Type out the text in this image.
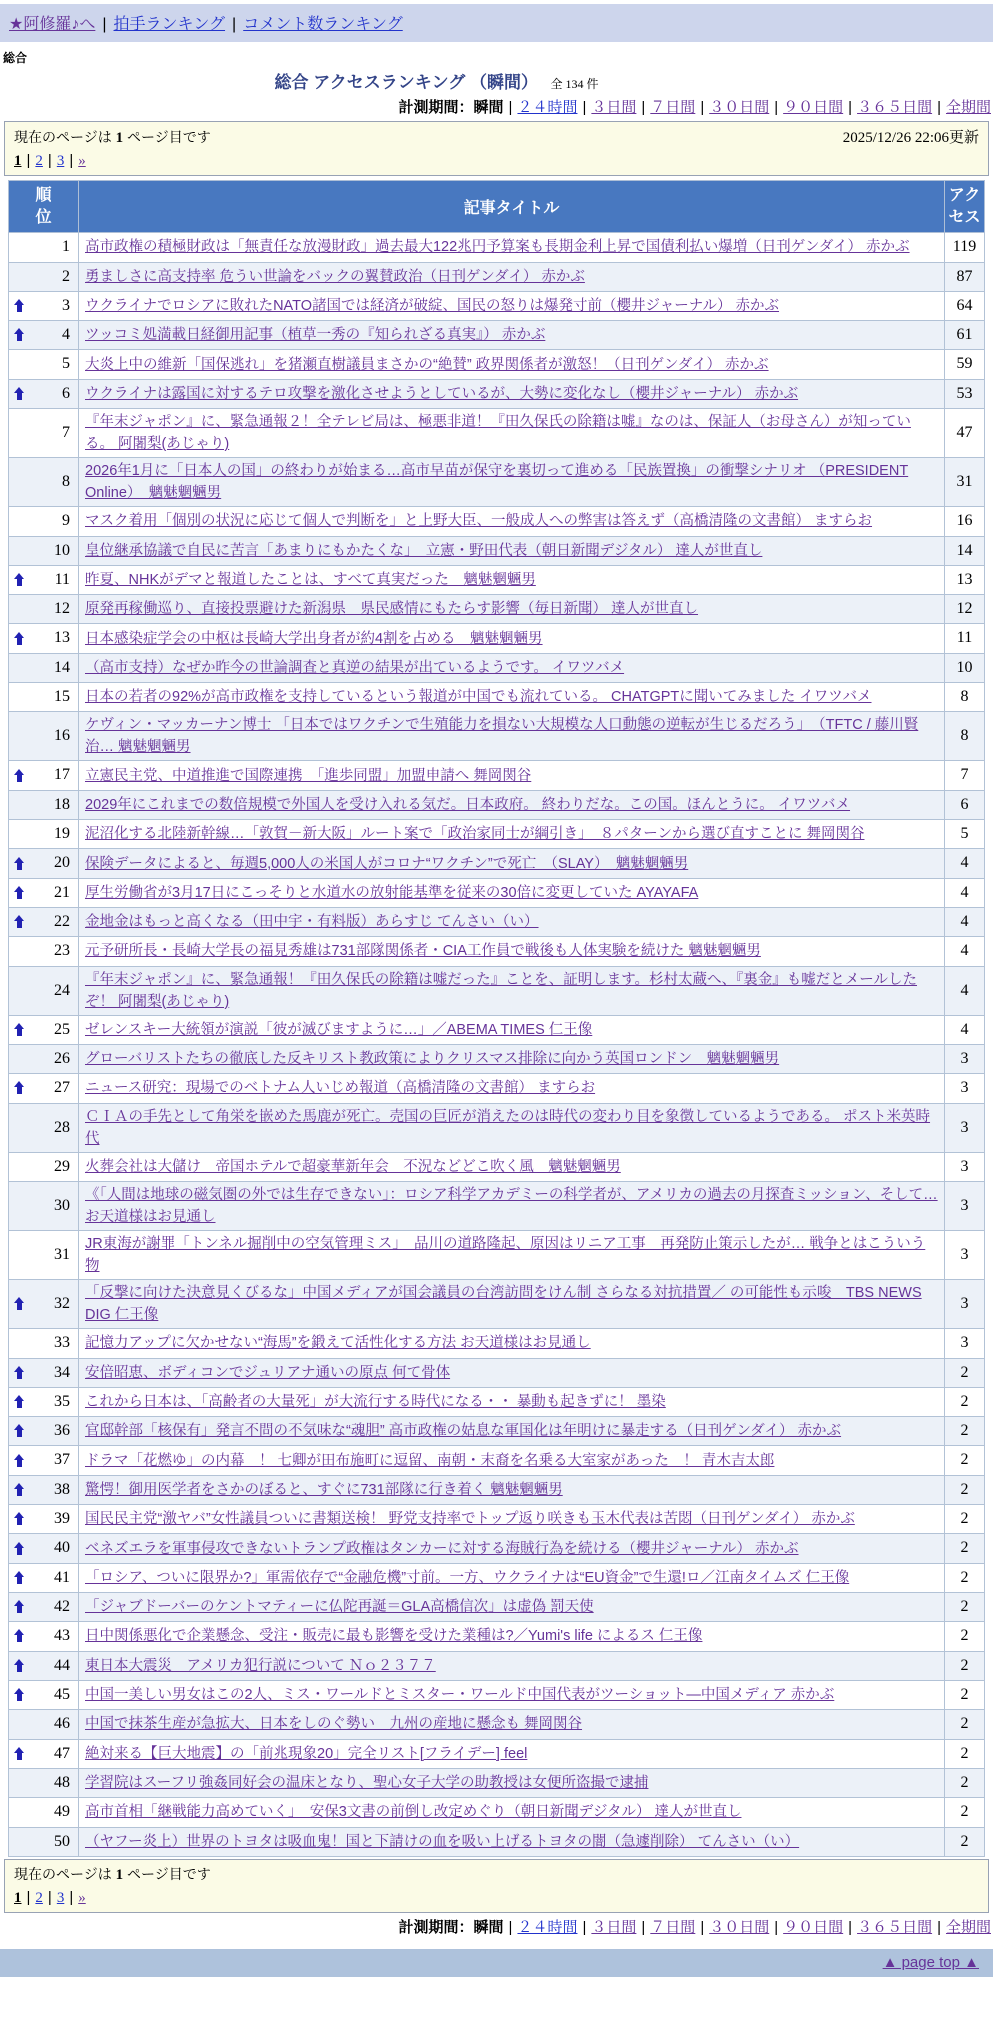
★阿修羅♪へ | 拍手ランキング | コメント数ランキング
総合
総合 アクセスランキング （瞬間） 全 134 件
計測期間：瞬間 | ２４時間 | ３日間 | ７日間 | ３０日間 | ９０日間 | ３６５日間 | 全期間
現在のページは 1 ページ目です	2025/12/26 22:06更新
1 | 2 | 3 | »
順位	記事タイトル	アクセス

1	高市政権の積極財政は「無責任な放漫財政」過去最大122兆円予算案も長期金利上昇で国債利払い爆増（日刊ゲンダイ） 赤かぶ	119

2	勇ましさに高支持率 危うい世論をバックの翼賛政治（日刊ゲンダイ） 赤かぶ	87

3	ウクライナでロシアに敗れたNATO諸国では経済が破綻、国民の怒りは爆発寸前（櫻井ジャーナル） 赤かぶ	64

4	ツッコミ処満載日経御用記事（植草一秀の『知られざる真実』） 赤かぶ	61

5	大炎上中の維新「国保逃れ」を猪瀬直樹議員まさかの“絶賛” 政界関係者が激怒！（日刊ゲンダイ） 赤かぶ	59

6	ウクライナは露国に対するテロ攻撃を激化させようとしているが、大勢に変化なし（櫻井ジャーナル） 赤かぶ	53

7	『年末ジャポン』に、緊急通報２！全テレビ局は、極悪非道！『田久保氏の除籍は嘘』なのは、保証人（お母さん）が知っている。 阿闍梨(あじゃり)	47

8	2026年1月に「日本人の国」の終わりが始まる…高市早苗が保守を裏切って進める「民族置換」の衝撃シナリオ （PRESIDENT Online）　魑魅魍魎男	31

9	マスク着用「個別の状況に応じて個人で判断を」と上野大臣、一般成人への弊害は答えず（高橋清隆の文書館） ますらお	16

10	皇位継承協議で自民に苦言「あまりにもかたくな」　立憲・野田代表（朝日新聞デジタル） 達人が世直し	14

11	昨夏、NHKがデマと報道したことは、すべて真実だった　魑魅魍魎男	13

12	原発再稼働巡り、直接投票避けた新潟県　県民感情にもたらす影響（毎日新聞） 達人が世直し	12

13	日本感染症学会の中枢は長崎大学出身者が約4割を占める　魑魅魍魎男	11

14	（高市支持）なぜか昨今の世論調査と真逆の結果が出ているようです。 イワツバメ	10

15	日本の若者の92%が高市政権を支持しているという報道が中国でも流れている。 CHATGPTに聞いてみました イワツバメ	8

16	ケヴィン・マッカーナン博士 「日本ではワクチンで生殖能力を損ない大規模な人口動態の逆転が生じるだろう」　（TFTC / 藤川賢治… 魑魅魍魎男	8

17	立憲民主党、中道推進で国際連携　「進歩同盟」加盟申請へ 舞岡関谷	7

18	2029年にこれまでの数倍規模で外国人を受け入れる気だ。日本政府。 終わりだな。この国。ほんとうに。 イワツバメ	6

19	泥沼化する北陸新幹線…「敦賀－新大阪」ルート案で「政治家同士が綱引き」　８パターンから選び直すことに 舞岡関谷	5

20	保険データによると、毎週5,000人の米国人がコロナ“ワクチン”で死亡　（SLAY）　魑魅魍魎男	4

21	厚生労働省が3月17日にこっそりと水道水の放射能基準を従来の30倍に変更していた AYAYAFA	4

22	金地金はもっと高くなる（田中宇・有料版）あらすじ てんさい（い）	4

23	元予研所長・長崎大学長の福見秀雄は731部隊関係者・CIA工作員で戦後も人体実験を続けた 魑魅魍魎男	4

24	『年末ジャポン』に、緊急通報！『田久保氏の除籍は嘘だった』ことを、証明します。杉村太蔵へ、『裏金』も嘘だとメールしたぞ！ 阿闍梨(あじゃり)	4

25	ゼレンスキー大統領が演説「彼が滅びますように…」／ABEMA TIMES 仁王像	4

26	グローバリストたちの徹底した反キリスト教政策によりクリスマス排除に向かう英国ロンドン　魑魅魍魎男	3

27	ニュース研究：現場でのベトナム人いじめ報道（高橋清隆の文書館） ますらお	3

28	ＣＩＡの手先として角栄を嵌めた馬鹿が死亡。売国の巨匠が消えたのは時代の変わり目を象徴しているようである。 ポスト米英時代	3

29	火葬会社は大儲け　帝国ホテルで超豪華新年会　不況などどこ吹く風　魑魅魍魎男	3

30	《「人間は地球の磁気圏の外では生存できない」：ロシア科学アカデミーの科学者が、アメリカの過去の月探査ミッション、そして… お天道様はお見通し	3

31	JR東海が謝罪「トンネル掘削中の空気管理ミス」　品川の道路隆起、原因はリニア工事　再発防止策示したが… 戦争とはこういう物	3

32	「反撃に向けた決意見くびるな」中国メディアが国会議員の台湾訪問をけん制 さらなる対抗措置／ の可能性も示唆　TBS NEWS DIG 仁王像	3

33	記憶力アップに欠かせない“海馬”を鍛えて活性化する方法 お天道様はお見通し	3

34	安倍昭恵、ボディコンでジュリアナ通いの原点 何て骨体	2

35	これから日本は、「高齢者の大量死」が大流行する時代になる・・ 暴動も起きずに！ 墨染	2

36	官邸幹部「核保有」発言不問の不気味な“魂胆” 高市政権の姑息な軍国化は年明けに暴走する（日刊ゲンダイ） 赤かぶ	2

37	ドラマ「花燃ゆ」の内幕　！ 七卿が田布施町に逗留、南朝・末裔を名乗る大室家があった　！ 青木吉太郎	2

38	驚愕！御用医学者をさかのぼると、すぐに731部隊に行き着く 魑魅魍魎男	2

39	国民民主党“激ヤバ”女性議員ついに書類送検！ 野党支持率でトップ返り咲きも玉木代表は苦悶（日刊ゲンダイ） 赤かぶ	2

40	ベネズエラを軍事侵攻できないトランプ政権はタンカーに対する海賊行為を続ける（櫻井ジャーナル） 赤かぶ	2

41	「ロシア、ついに限界か?」軍需依存で“金融危機”寸前。一方、ウクライナは“EU資金”で生還!ロ／江南タイムズ 仁王像	2

42	「ジャブドーバーのケントマティーに仏陀再誕＝GLA高橋信次」は虚偽 罰天使	2

43	日中関係悪化で企業懸念、受注・販売に最も影響を受けた業種は?／Yumi's life によるス 仁王像	2

44	東日本大震災＿アメリカ犯行説について Ｎｏ２３７７	2

45	中国一美しい男女はこの2人、ミス・ワールドとミスター・ワールド中国代表がツーショット―中国メディア 赤かぶ	2

46	中国で抹茶生産が急拡大、日本をしのぐ勢い　九州の産地に懸念も 舞岡関谷	2

47	絶対来る【巨大地震】の「前兆現象20」完全リスト[フライデー] feel	2

48	学習院はスーフリ強姦同好会の温床となり、聖心女子大学の助教授は女便所盗撮で逮捕	2

49	高市首相「継戦能力高めていく」　安保3文書の前倒し改定めぐり（朝日新聞デジタル） 達人が世直し	2

50	（ヤフー炎上）世界のトヨタは吸血鬼！国と下請けの血を吸い上げるトヨタの闇（急遽削除） てんさい（い）	2
現在のページは 1 ページ目です
1 | 2 | 3 | »
計測期間：瞬間 | ２４時間 | ３日間 | ７日間 | ３０日間 | ９０日間 | ３６５日間 | 全期間
▲ page top ▲
